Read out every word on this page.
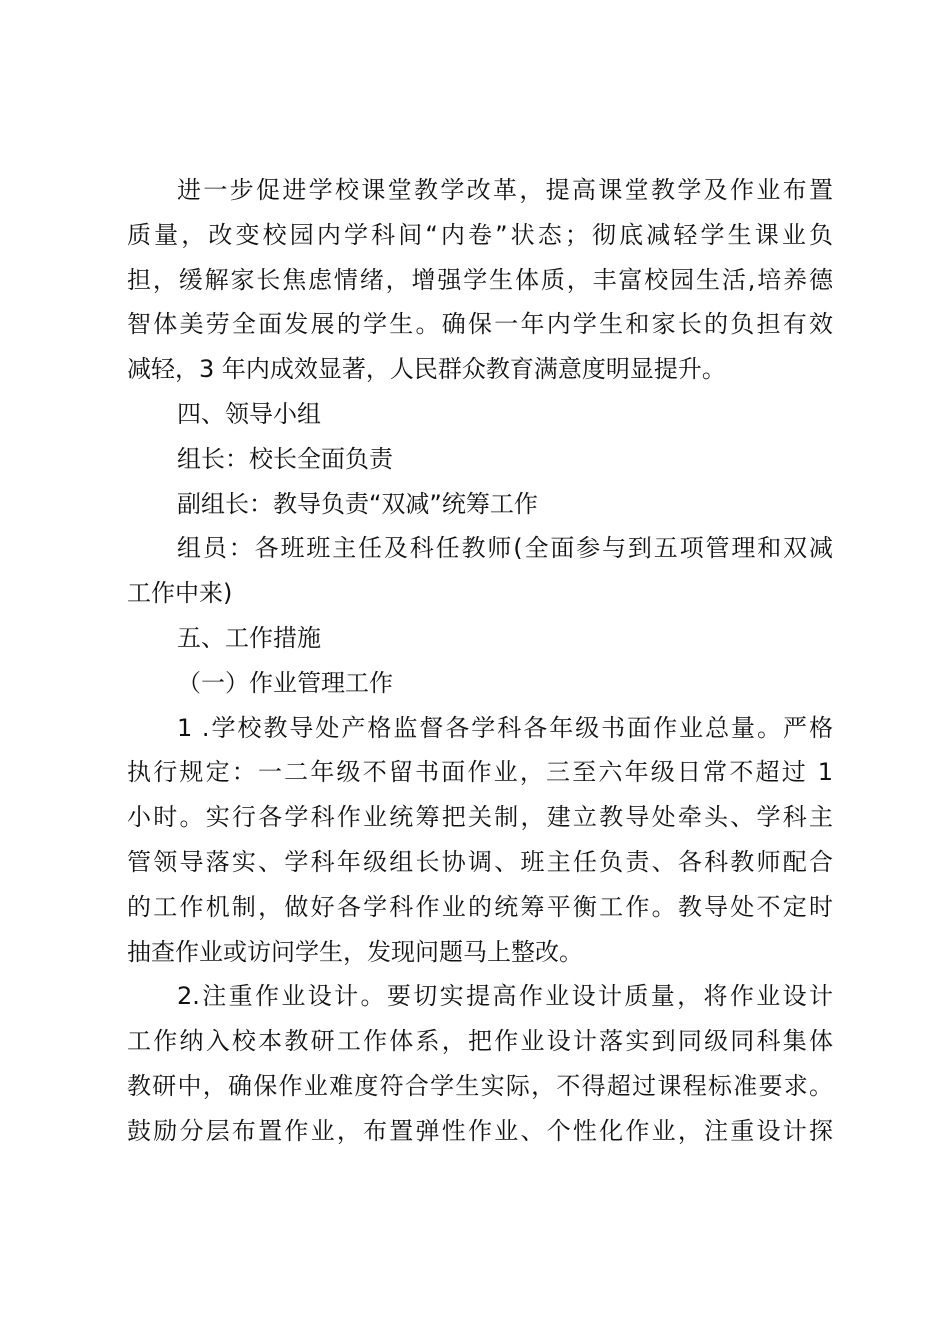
进一步促进学校课堂教学改革，提高课堂教学及作业布置
质量，改变校园内学科间“内卷”状态；彻底减轻学生课业负
担，缓解家长焦虑情绪，增强学生体质，丰富校园生活,培养德
智体美劳全面发展的学生。确保一年内学生和家长的负担有效
减轻，3 年内成效显著，人民群众教育满意度明显提升。
四、领导小组
组长：校长全面负责
副组长：教导负责“双减”统筹工作
组员：各班班主任及科任教师(全面参与到五项管理和双减
工作中来)
五、工作措施
（一）作业管理工作
1 .学校教导处产格监督各学科各年级书面作业总量。严格
执行规定：一二年级不留书面作业，三至六年级日常不超过 1
小时。实行各学科作业统筹把关制，建立教导处牵头、学科主
管领导落实、学科年级组长协调、班主任负责、各科教师配合
的工作机制，做好各学科作业的统筹平衡工作。教导处不定时
抽查作业或访问学生，发现问题马上整改。
2.注重作业设计。要切实提高作业设计质量，将作业设计
工作纳入校本教研工作体系，把作业设计落实到同级同科集体
教研中，确保作业难度符合学生实际，不得超过课程标准要求。
鼓励分层布置作业，布置弹性作业、个性化作业，注重设计探
